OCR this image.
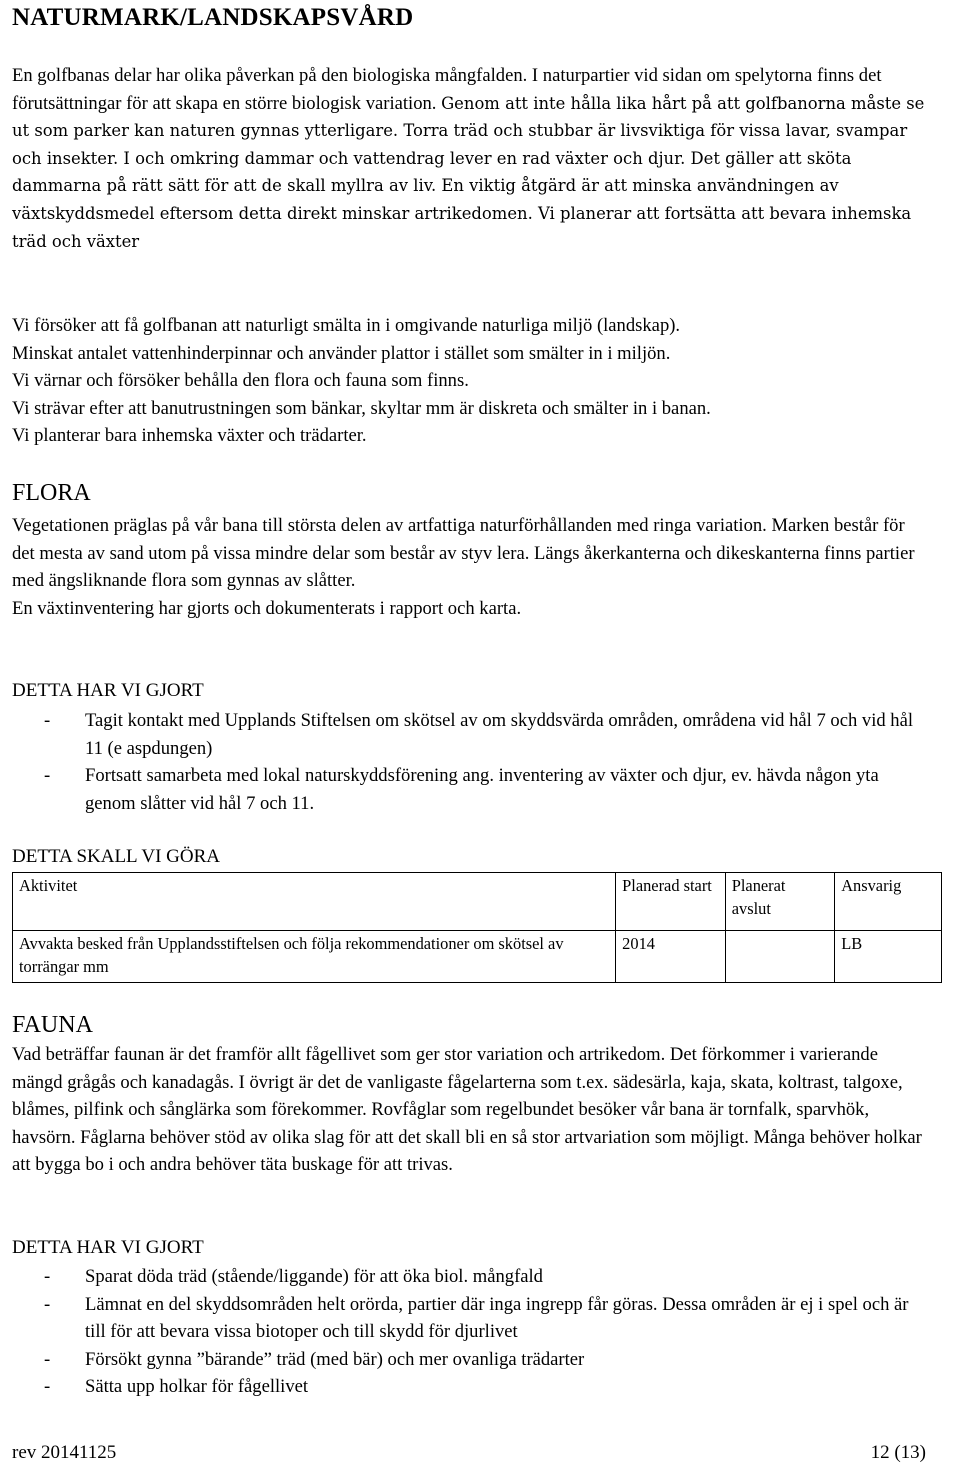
NATURMARK/LANDSKAPSVÅRD

En golfbanas delar har olika påverkan på den biologiska mångfalden. I naturpartier vid sidan om spelytorna finns det förutsättningar för att skapa en större biologisk variation. Genom att inte hålla lika hårt på att golfbanorna måste se ut som parker kan naturen gynnas ytterligare. Torra träd och stubbar är livsviktiga för vissa lavar, svampar och insekter. I och omkring dammar och vattendrag lever en rad växter och djur. Det gäller att sköta dammarna på rätt sätt för att de skall myllra av liv. En viktig åtgärd är att minska användningen av växtskyddsmedel eftersom detta direkt minskar artrikedomen. Vi planerar att fortsätta att bevara inhemska träd och växter

Vi försöker att få golfbanan att naturligt smälta in i omgivande naturliga miljö (landskap).
Minskat antalet vattenhinderpinnar och använder plattor i stället som smälter in i miljön.
Vi värnar och försöker behålla den flora och fauna som finns.
Vi strävar efter att banutrustningen som bänkar, skyltar mm är diskreta och smälter in i banan.
Vi planterar bara inhemska växter och trädarter.
FLORA
Vegetationen präglas på vår bana till största delen av artfattiga naturförhållanden med ringa variation. Marken består för det mesta av sand utom på vissa mindre delar som består av styv lera. Längs åkerkanterna och dikeskanterna finns partier med ängsliknande flora som gynnas av slåtter.
En växtinventering har gjorts och dokumenterats i rapport och karta.
DETTA HAR VI GJORT
- Tagit kontakt med Upplands Stiftelsen om skötsel av om skyddsvärda områden, områdena vid hål 7 och vid hål 11 (e aspdungen)
- Fortsatt samarbeta med lokal naturskyddsförening ang. inventering av växter och djur, ev. hävda någon yta genom slåtter vid hål 7 och 11.
DETTA SKALL VI GÖRA
Aktivitet	Planerad start	Planerat avslut	Ansvarig
Avvakta besked från Upplandsstiftelsen och följa rekommendationer om skötsel av torrängar mm	2014		LB
FAUNA

Vad beträffar faunan är det framför allt fågellivet som ger stor variation och artrikedom. Det förkommer i varierande mängd grågås och kanadagås. I övrigt är det de vanligaste fågelarterna som t.ex. sädesärla, kaja, skata, koltrast, talgoxe, blåmes, pilfink och sånglärka som förekommer. Rovfåglar som regelbundet besöker vår bana är tornfalk, sparvhök, havsörn. Fåglarna behöver stöd av olika slag för att det skall bli en så stor artvariation som möjligt. Många behöver holkar att bygga bo i och andra behöver täta buskage för att trivas.

DETTA HAR VI GJORT
- Sparat döda träd (stående/liggande) för att öka biol. mångfald
- Lämnat en del skyddsområden helt orörda, partier där inga ingrepp får göras. Dessa områden är ej i spel och är till för att bevara vissa biotoper och till skydd för djurlivet
- Försökt gynna ”bärande” träd (med bär) och mer ovanliga trädarter
- Sätta upp holkar för fågellivet
rev 20141125	12 (13)
